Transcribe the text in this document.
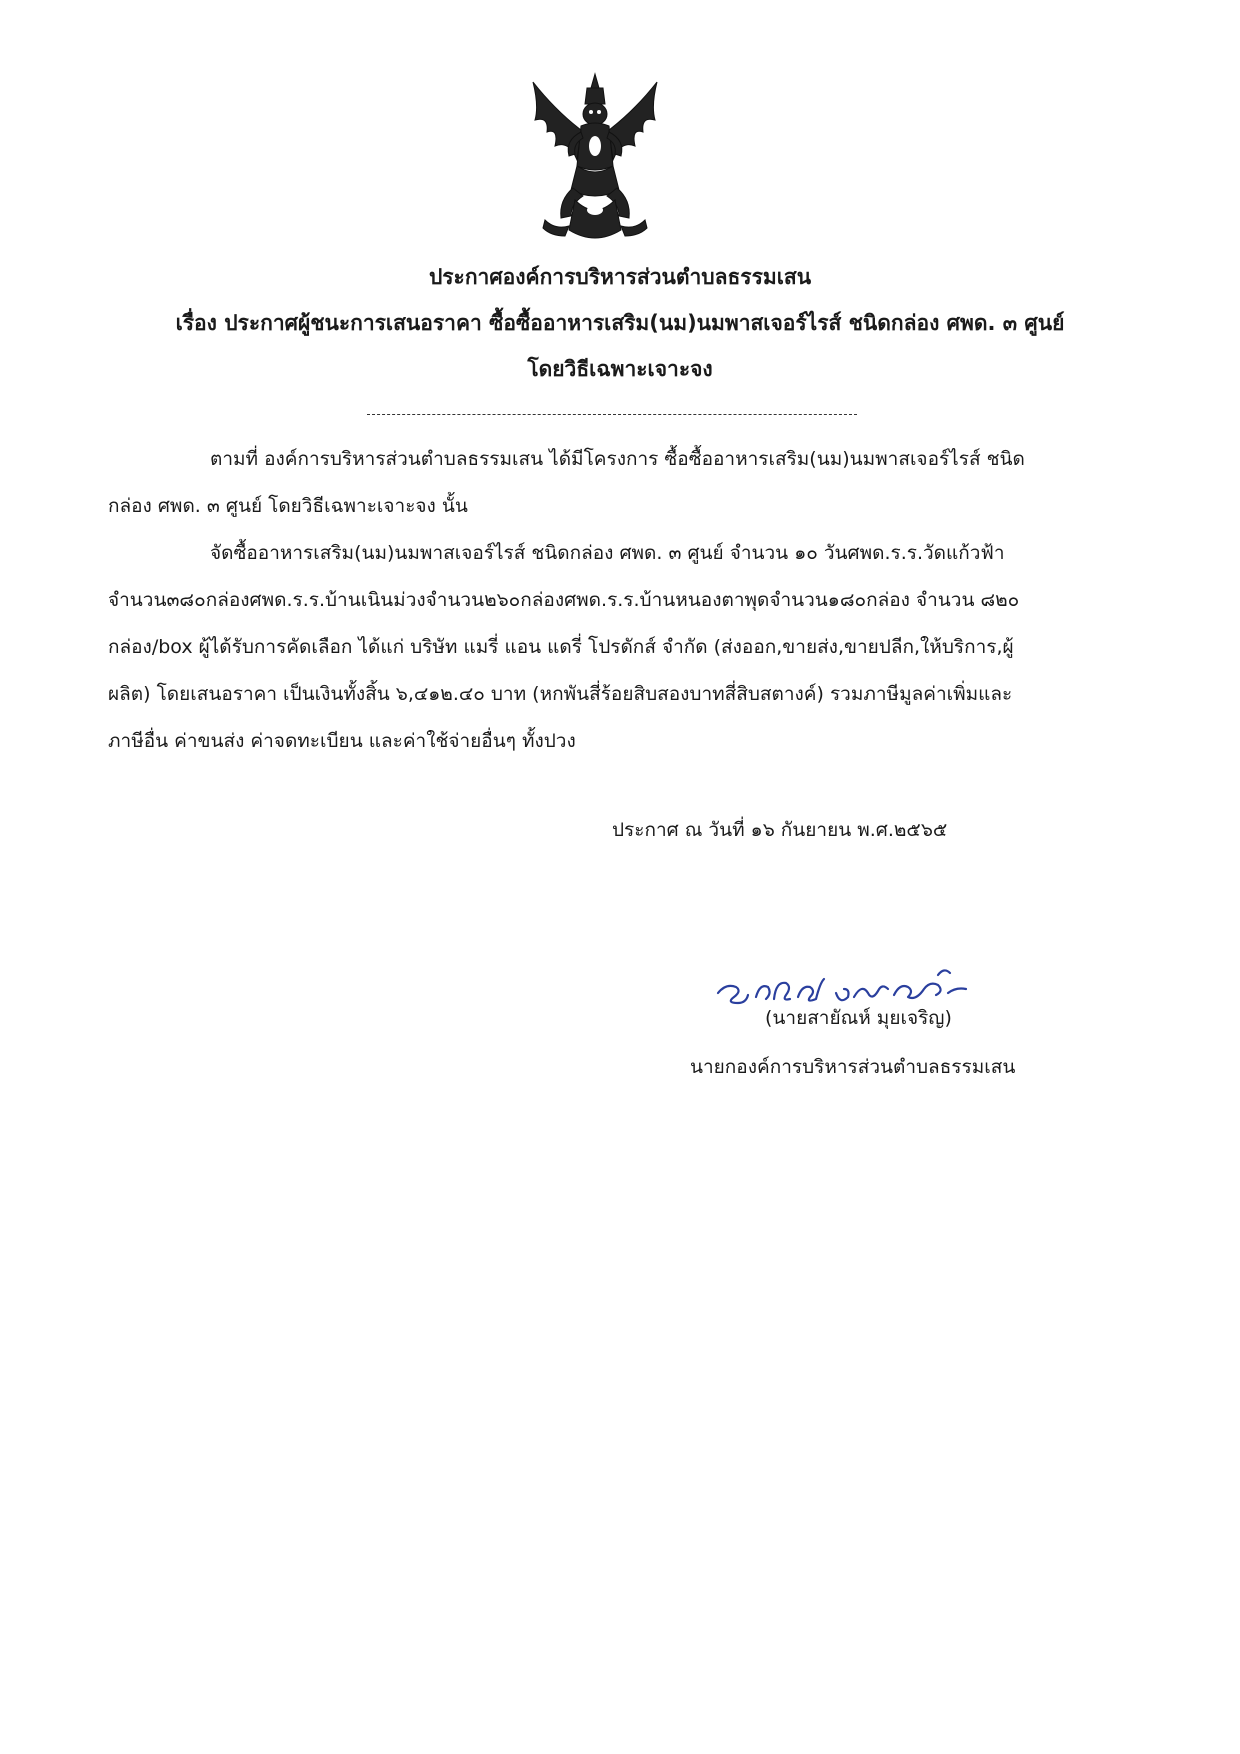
ประกาศองค์การบริหารส่วนตำบลธรรมเสน
เรื่อง ประกาศผู้ชนะการเสนอราคา ซื้อซื้ออาหารเสริม(นม)นมพาสเจอร์ไรส์ ชนิดกล่อง ศพด. ๓ ศูนย์
โดยวิธีเฉพาะเจาะจง
ตามที่ องค์การบริหารส่วนตำบลธรรมเสน ได้มีโครงการ ซื้อซื้ออาหารเสริม(นม)นมพาสเจอร์ไรส์ ชนิด
กล่อง ศพด. ๓ ศูนย์ โดยวิธีเฉพาะเจาะจง นั้น
จัดซื้ออาหารเสริม(นม)นมพาสเจอร์ไรส์ ชนิดกล่อง ศพด. ๓ ศูนย์ จำนวน ๑๐ วันศพด.ร.ร.วัดแก้วฟ้า
จำนวน๓๘๐กล่องศพด.ร.ร.บ้านเนินม่วงจำนวน๒๖๐กล่องศพด.ร.ร.บ้านหนองตาพุดจำนวน๑๘๐กล่อง จำนวน ๘๒๐
กล่อง/box ผู้ได้รับการคัดเลือก ได้แก่ บริษัท แมรี่ แอน แดรี่ โปรดักส์ จำกัด (ส่งออก,ขายส่ง,ขายปลีก,ให้บริการ,ผู้
ผลิต) โดยเสนอราคา เป็นเงินทั้งสิ้น ๖,๔๑๒.๔๐ บาท (หกพันสี่ร้อยสิบสองบาทสี่สิบสตางค์) รวมภาษีมูลค่าเพิ่มและ
ภาษีอื่น ค่าขนส่ง ค่าจดทะเบียน และค่าใช้จ่ายอื่นๆ ทั้งปวง
ประกาศ ณ วันที่ ๑๖ กันยายน พ.ศ.๒๕๖๕
(นายสายัณห์ มุยเจริญ)
นายกองค์การบริหารส่วนตำบลธรรมเสน
